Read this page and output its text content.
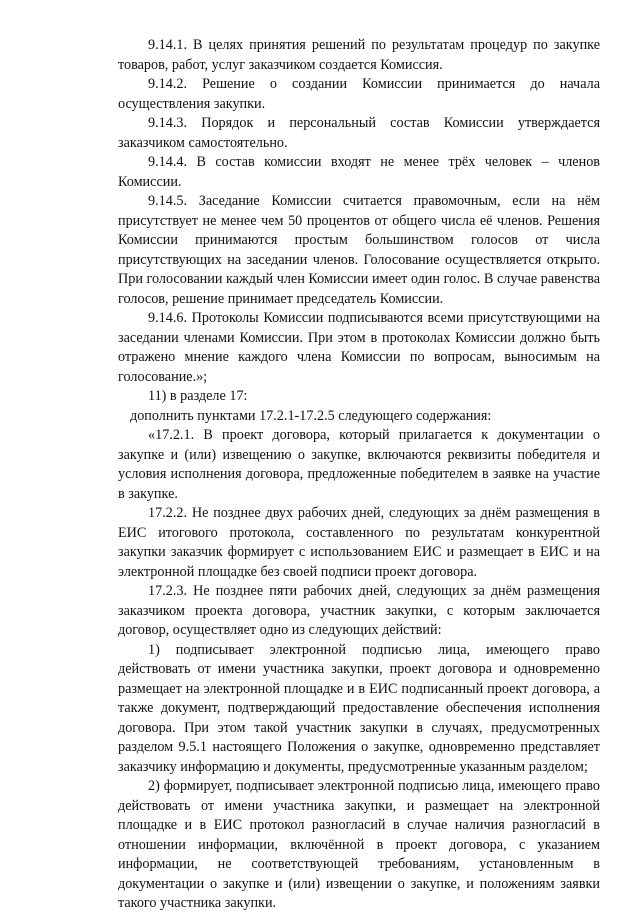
9.14.1. В целях принятия решений по результатам процедур по закупке товаров, работ, услуг заказчиком создается Комиссия.

9.14.2. Решение о создании Комиссии принимается до начала осуществления закупки.

9.14.3. Порядок и персональный состав Комиссии утверждается заказчиком самостоятельно.

9.14.4. В состав комиссии входят не менее трёх человек – членов Комиссии.

9.14.5. Заседание Комиссии считается правомочным, если на нём присутствует не менее чем 50 процентов от общего числа её членов. Решения Комиссии принимаются простым большинством голосов от числа присутствующих на заседании членов. Голосование осуществляется открыто. При голосовании каждый член Комиссии имеет один голос. В случае равенства голосов, решение принимает председатель Комиссии.

9.14.6. Протоколы Комиссии подписываются всеми присутствующими на заседании членами Комиссии. При этом в протоколах Комиссии должно быть отражено мнение каждого члена Комиссии по вопросам, выносимым на голосование.»;

11) в разделе 17:

дополнить пунктами 17.2.1-17.2.5 следующего содержания:

«17.2.1. В проект договора, который прилагается к документации о закупке и (или) извещению о закупке, включаются реквизиты победителя и условия исполнения договора, предложенные победителем в заявке на участие в закупке.

17.2.2. Не позднее двух рабочих дней, следующих за днём размещения в ЕИС итогового протокола, составленного по результатам конкурентной закупки заказчик формирует с использованием ЕИС и размещает в ЕИС и на электронной площадке без своей подписи проект договора.

17.2.3. Не позднее пяти рабочих дней, следующих за днём размещения заказчиком проекта договора, участник закупки, с которым заключается договор, осуществляет одно из следующих действий:

1) подписывает электронной подписью лица, имеющего право действовать от имени участника закупки, проект договора и одновременно размещает на электронной площадке и в ЕИС подписанный проект договора, а также документ, подтверждающий предоставление обеспечения исполнения договора. При этом такой участник закупки в случаях, предусмотренных разделом 9.5.1 настоящего Положения о закупке, одновременно представляет заказчику информацию и документы, предусмотренные указанным разделом;

2) формирует, подписывает электронной подписью лица, имеющего право действовать от имени участника закупки, и размещает на электронной площадке и в ЕИС протокол разногласий в случае наличия разногласий в отношении информации, включённой в проект договора, с указанием информации, не соответствующей требованиям, установленным в документации о закупке и (или) извещении о закупке, и положениям заявки такого участника закупки.
